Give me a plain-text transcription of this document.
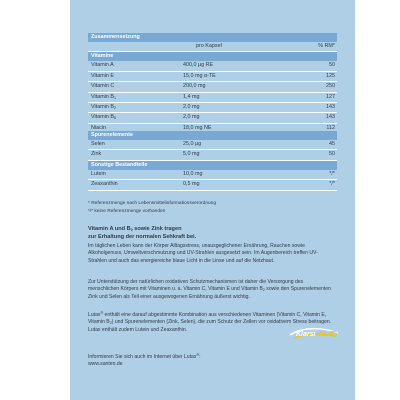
Zusammensetzung
pro Kapsel	% RM*
Vitamine
Vitamin A	400,0 µg RE	50
Vitamin E	15,0 mg α-TE	125
Vitamin C	200,0 mg	250
Vitamin $B_1$	1,4 mg	127
Vitamin $B_2$	2,0 mg	143
Vitamin $B_6$	2,0 mg	143
Niacin	18,0 mg NE	112
Spurenelemente
Selen	25,0 µg	45
Zink	5,0 mg	50
Sonstige Bestandteile
Lutein	10,0 mg	*/*
Zeaxanthin	0,5 mg	*/*
* Referenzmenge nach Lebensmittelinformationsverordnung
*/* keine Referenzmenge vorhanden
Vitamin A und $B_2$ sowie Zink tragen
zur Erhaltung der normalen Sehkraft bei.
Im täglichen Leben kann der Körper Alltagsstress, unausgeglichener Ernährung, Rauchen sowie Alkoholgenuss, Umweltverschmutzung und UV-Strahlen ausgesetzt sein. Im Augenbereich treffen UV-Strahlen und auch das energiereiche blaue Licht in die Linse und auf die Netzhaut.
Zur Unterstützung der natürlichen oxidativen Schutzmechanismen ist daher die Versorgung des menschlichen Körpers mit Vitaminen u. a. Vitamin C, Vitamin E und Vitamin $B_2$ sowie den Spurenelementen Zink und Selen als Teil einer ausgewogenen Ernährung äußerst wichtig.
Lutax® enthält eine darauf abgestimmte Kombination aus verschiedenen Vitaminen (Vitamin C, Vitamin E, Vitamin $B_2$) und Spurenelementen (Zink, Selen), die zum Schutz der Zellen vor oxidativem Stress beitragen.
Lutax enthält zudem Lutein und Zeaxanthin.
Klarsi BLO
Informieren Sie sich auch im Internet über Lutax®:
www.santen.de
